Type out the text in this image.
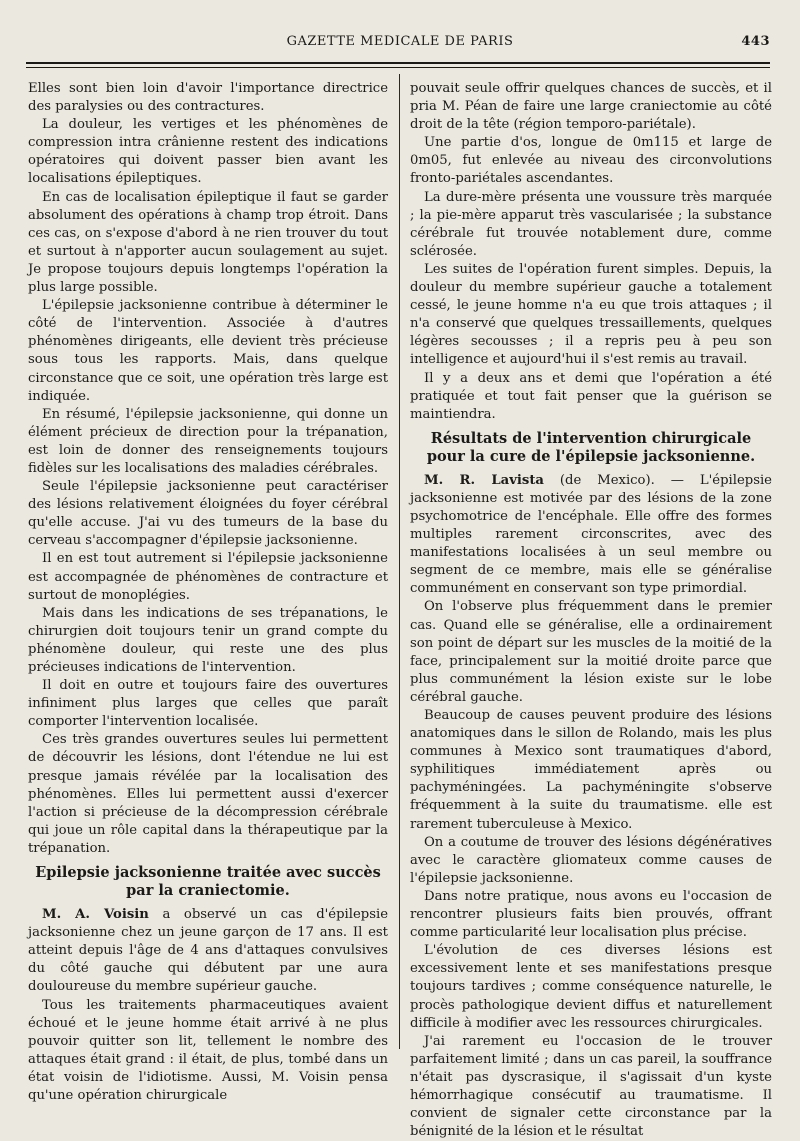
GAZETTE MEDICALE DE PARIS	443

Elles sont bien loin d'avoir l'importance directrice des paralysies ou des contractures.

La douleur, les vertiges et les phénomènes de compression intra crânienne restent des indications opératoires qui doivent passer bien avant les localisations épileptiques.

En cas de localisation épileptique il faut se garder absolument des opérations à champ trop étroit. Dans ces cas, on s'expose d'abord à ne rien trouver du tout et surtout à n'apporter aucun soulagement au sujet. Je propose toujours depuis longtemps l'opération la plus large possible.

L'épilepsie jacksonienne contribue à déterminer le côté de l'intervention. Associée à d'autres phénomènes dirigeants, elle devient très précieuse sous tous les rapports. Mais, dans quelque circonstance que ce soit, une opération très large est indiquée.

En résumé, l'épilepsie jacksonienne, qui donne un élément précieux de direction pour la trépanation, est loin de donner des renseignements toujours fidèles sur les localisations des maladies cérébrales.

Seule l'épilepsie jacksonienne peut caractériser des lésions relativement éloignées du foyer cérébral qu'elle accuse. J'ai vu des tumeurs de la base du cerveau s'accompagner d'épilepsie jacksonienne.

Il en est tout autrement si l'épilepsie jacksonienne est accompagnée de phénomènes de contracture et surtout de monoplégies.

Mais dans les indications de ses trépanations, le chirurgien doit toujours tenir un grand compte du phénomène douleur, qui reste une des plus précieuses indications de l'intervention.

Il doit en outre et toujours faire des ouvertures infiniment plus larges que celles que paraît comporter l'intervention localisée.

Ces très grandes ouvertures seules lui permettent de découvrir les lésions, dont l'étendue ne lui est presque jamais révélée par la localisation des phénomènes. Elles lui permettent aussi d'exercer l'action si précieuse de la décompression cérébrale qui joue un rôle capital dans la thérapeutique par la trépanation.

Epilepsie jacksonienne traitée avec succès par la craniectomie.

M. A. Voisin a observé un cas d'épilepsie jacksonienne chez un jeune garçon de 17 ans. Il est atteint depuis l'âge de 4 ans d'attaques convulsives du côté gauche qui débutent par une aura douloureuse du membre supérieur gauche.

Tous les traitements pharmaceutiques avaient échoué et le jeune homme était arrivé à ne plus pouvoir quitter son lit, tellement le nombre des attaques était grand : il était, de plus, tombé dans un état voisin de l'idiotisme. Aussi, M. Voisin pensa qu'une opération chirurgicale

pouvait seule offrir quelques chances de succès, et il pria M. Péan de faire une large craniectomie au côté droit de la tête (région temporo-pariétale).

Une partie d'os, longue de 0m115 et large de 0m05, fut enlevée au niveau des circonvolutions fronto-pariétales ascendantes.

La dure-mère présenta une voussure très marquée ; la pie-mère apparut très vascularisée ; la substance cérébrale fut trouvée notablement dure, comme sclérosée.

Les suites de l'opération furent simples. Depuis, la douleur du membre supérieur gauche a totalement cessé, le jeune homme n'a eu que trois attaques ; il n'a conservé que quelques tressaillements, quelques légères secousses ; il a repris peu à peu son intelligence et aujourd'hui il s'est remis au travail.

Il y a deux ans et demi que l'opération a été pratiquée et tout fait penser que la guérison se maintiendra.

Résultats de l'intervention chirurgicale pour la cure de l'épilepsie jacksonienne.

M. R. Lavista (de Mexico). — L'épilepsie jacksonienne est motivée par des lésions de la zone psychomotrice de l'encéphale. Elle offre des formes multiples rarement circonscrites, avec des manifestations localisées à un seul membre ou segment de ce membre, mais elle se généralise communément en conservant son type primordial.

On l'observe plus fréquemment dans le premier cas. Quand elle se généralise, elle a ordinairement son point de départ sur les muscles de la moitié de la face, principalement sur la moitié droite parce que plus communément la lésion existe sur le lobe cérébral gauche.

Beaucoup de causes peuvent produire des lésions anatomiques dans le sillon de Rolando, mais les plus communes à Mexico sont traumatiques d'abord, syphilitiques immédiatement après ou pachyméningées. La pachyméningite s'observe fréquemment à la suite du traumatisme. elle est rarement tuberculeuse à Mexico.

On a coutume de trouver des lésions dégénératives avec le caractère gliomateux comme causes de l'épilepsie jacksonienne.

Dans notre pratique, nous avons eu l'occasion de rencontrer plusieurs faits bien prouvés, offrant comme particularité leur localisation plus précise.

L'évolution de ces diverses lésions est excessivement lente et ses manifestations presque toujours tardives ; comme conséquence naturelle, le procès pathologique devient diffus et naturellement difficile à modifier avec les ressources chirurgicales.

J'ai rarement eu l'occasion de le trouver parfaitement limité ; dans un cas pareil, la souffrance n'était pas dyscrasique, il s'agissait d'un kyste hémorrhagique consécutif au traumatisme. Il convient de signaler cette circonstance par la bénignité de la lésion et le résultat
